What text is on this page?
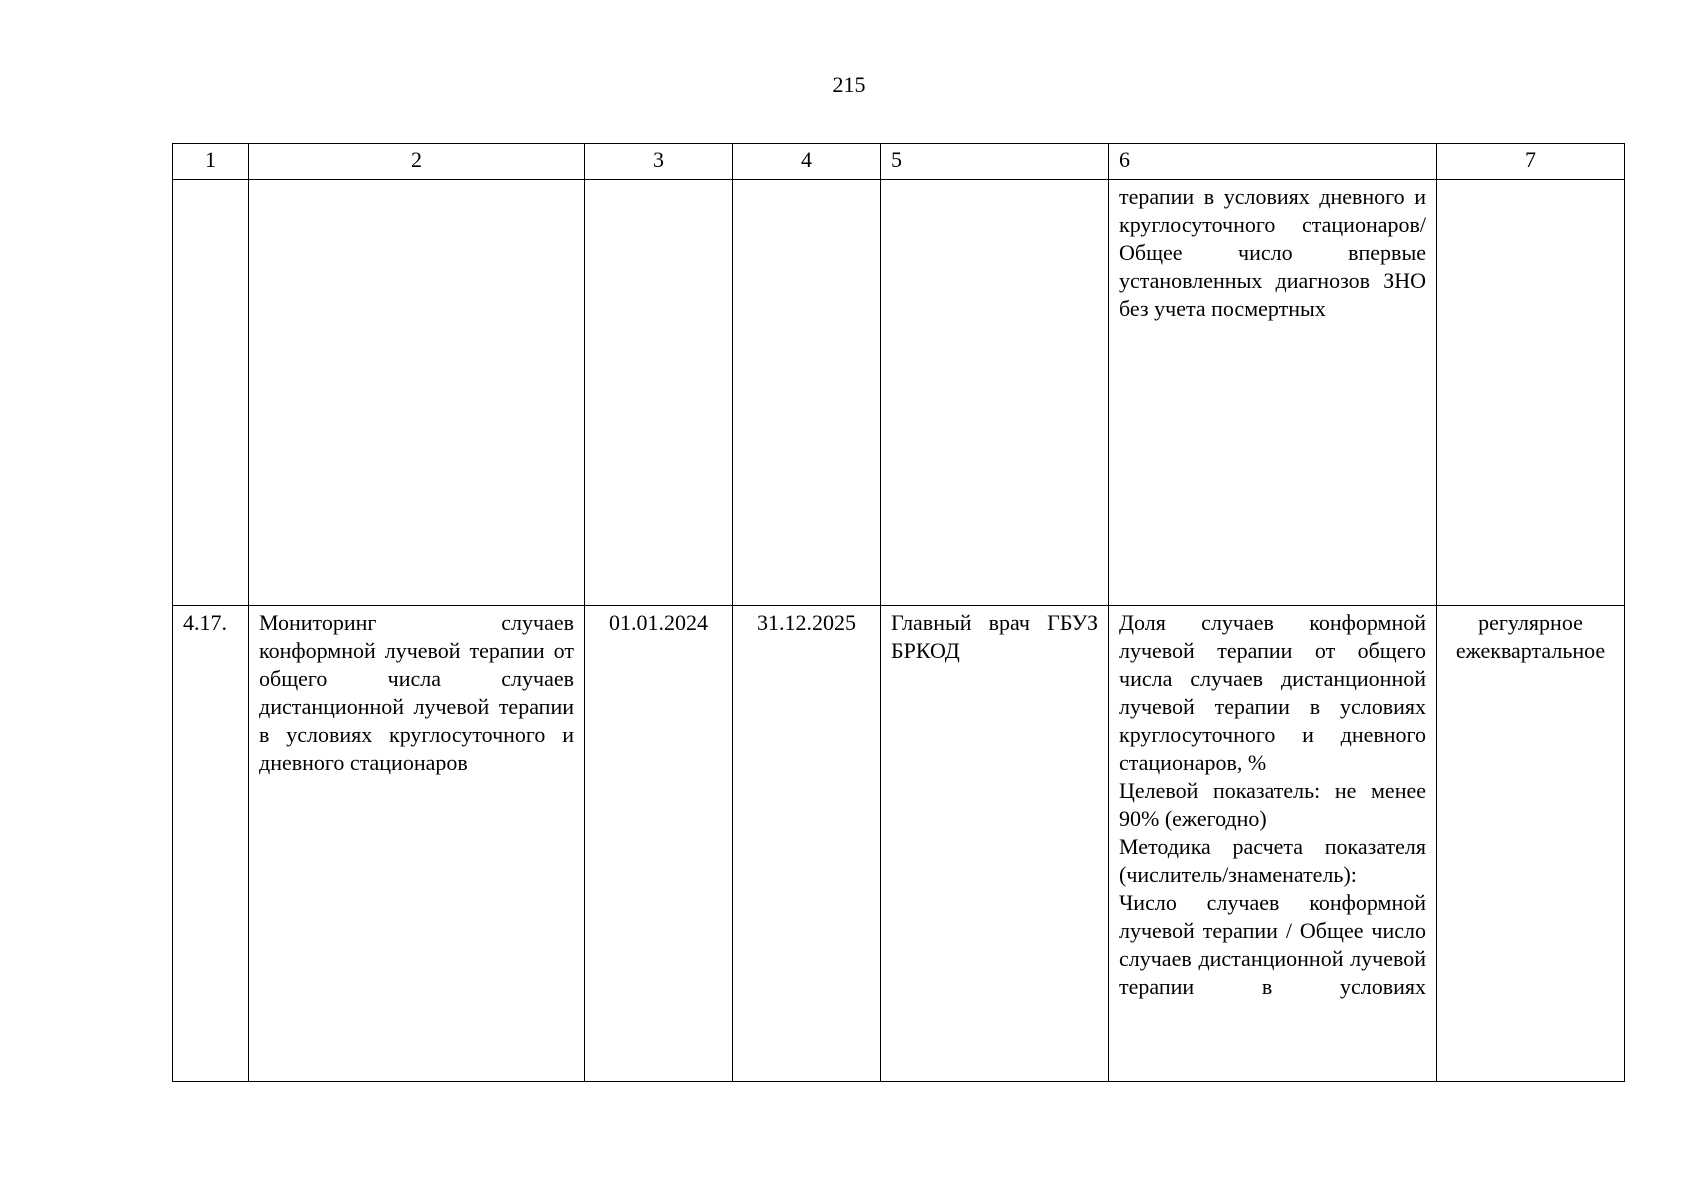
215
1	2	3	4	5	6	7
					терапии в условиях дневного и круглосуточного стационаров/ Общее число впервые установленных диагнозов ЗНО без учета посмертных	
4.17.	Мониторинг случаев конформной лучевой терапии от общего числа случаев дистанционной лучевой терапии в условиях круглосуточного и дневного стационаров	01.01.2024	31.12.2025	Главный врач ГБУЗ БРКОД	Доля случаев конформной лучевой терапии от общего числа случаев дистанционной лучевой терапии в условиях круглосуточного и дневного стационаров, %
Целевой показатель: не менее 90% (ежегодно)
Методика расчета показателя (числитель/знаменатель):
Число случаев конформной лучевой терапии / Общее число случаев дистанционной лучевой терапии в условиях	регулярное ежеквартальное
